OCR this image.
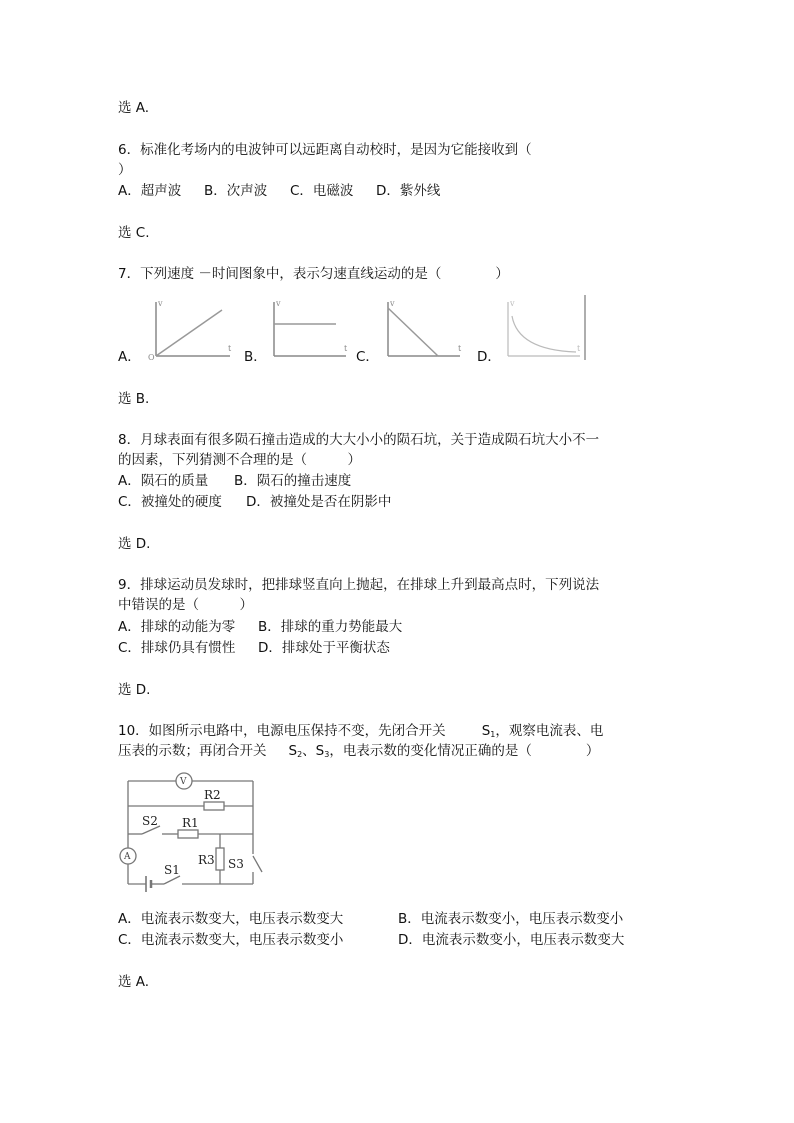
选 A.
6．标准化考场内的电波钟可以远距离自动校时，是因为它能接收到（
）
A．超声波 B．次声波 C．电磁波 D．紫外线
选 C.
7．下列速度 －时间图象中，表示匀速直线运动的是（　　　　）
A．
v
t
O	B．
v
t
C．
v
t
D．
v
t
选 B.
8．月球表面有很多陨石撞击造成的大大小小的陨石坑，关于造成陨石坑大小不一
的因素，下列猜测不合理的是（　　　）
A．陨石的质量 B．陨石的撞击速度
C．被撞处的硬度 D．被撞处是否在阴影中
选 D.
9．排球运动员发球时，把排球竖直向上抛起，在排球上升到最高点时，下列说法
中错误的是（　　　）
A．排球的动能为零 B．排球的重力势能最大
C．排球仍具有惯性 D．排球处于平衡状态
选 D.
10．如图所示电路中，电源电压保持不变，先闭合开关	$S_1$，观察电流表、电
压表的示数；再闭合开关 $S_2$、$S_3$，电表示数的变化情况正确的是（　　　　）
V
A
R2
R1
R3
S2
S3
S1
A．电流表示数变大，电压表示数变大	B．电流表示数变小，电压表示数变小
C．电流表示数变大，电压表示数变小	D．电流表示数变小，电压表示数变大
选 A.
